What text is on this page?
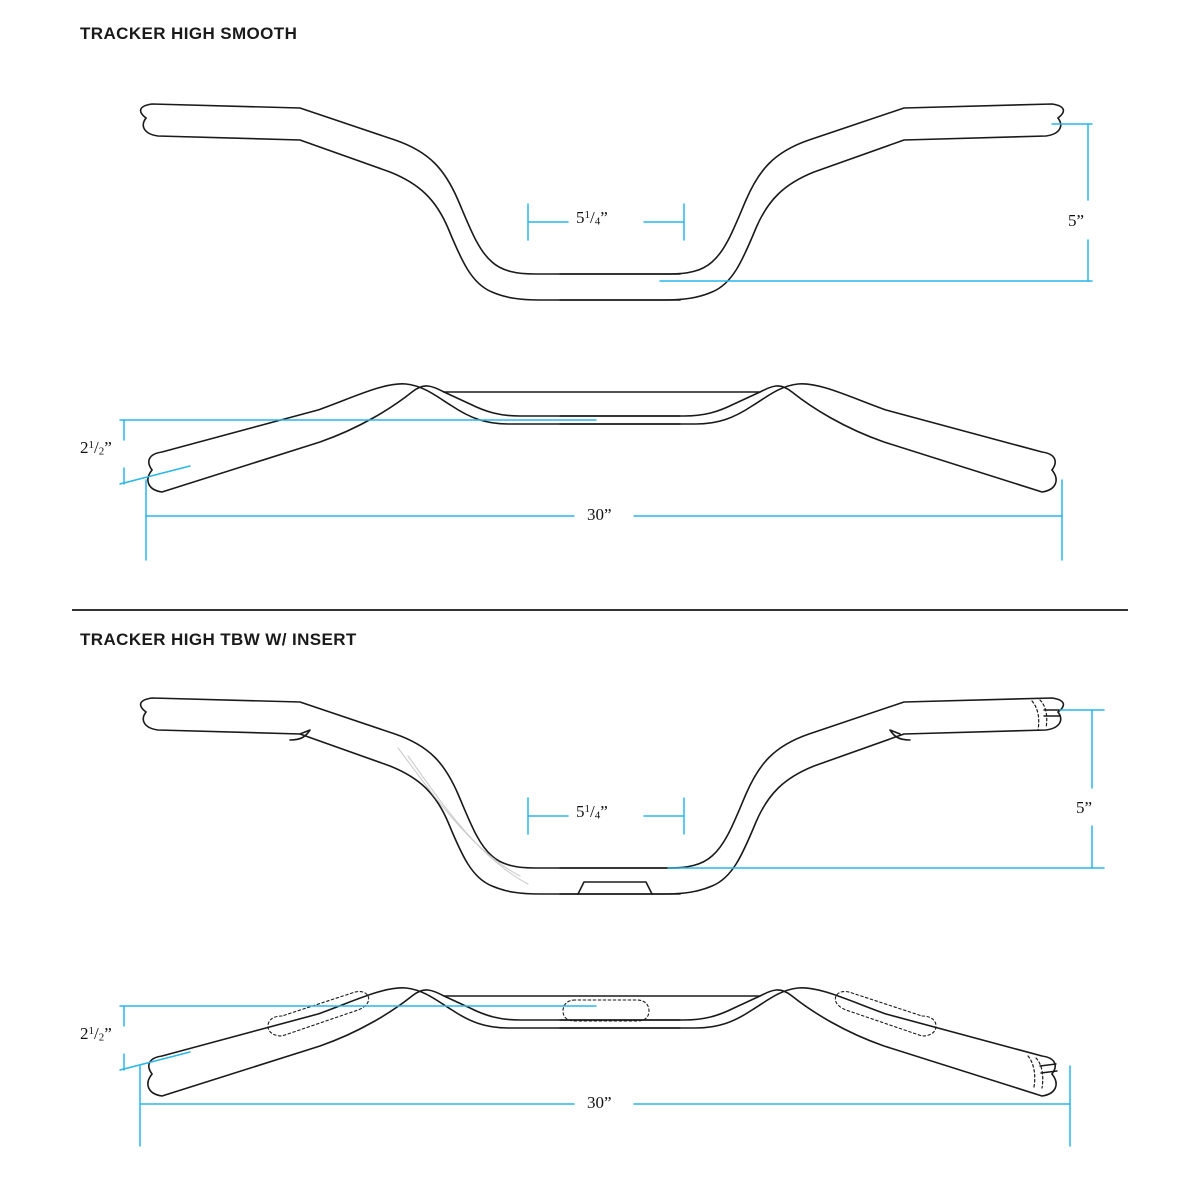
TRACKER HIGH SMOOTH
TRACKER HIGH TBW W/ INSERT
$5^1/_4$”	5”
$2^1/_2$”
30”
$5^1/_4$”	5”
$2^1/_2$”
30”
